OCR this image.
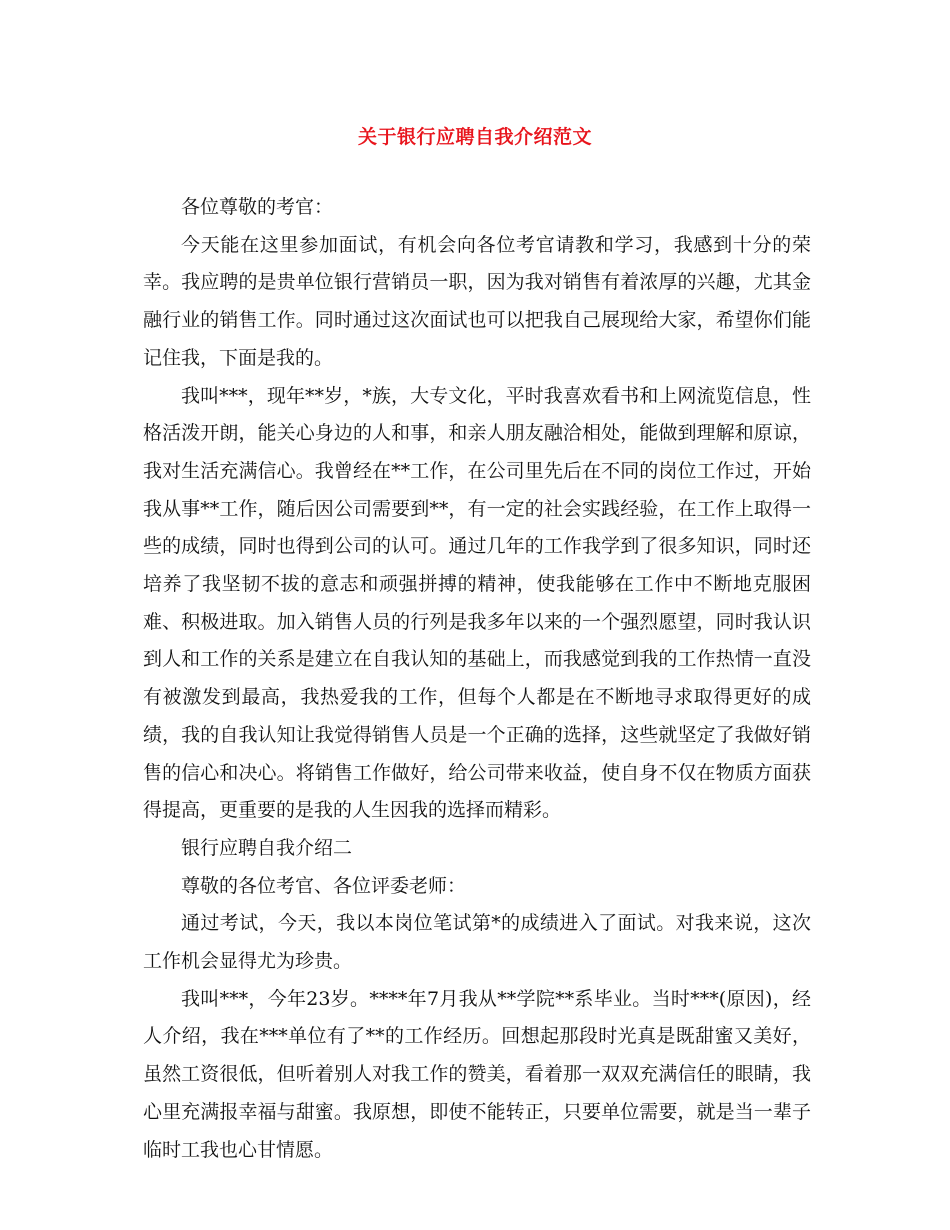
关于银行应聘自我介绍范文

各位尊敬的考官：

今天能在这里参加面试，有机会向各位考官请教和学习，我感到十分的荣幸。我应聘的是贵单位银行营销员一职，因为我对销售有着浓厚的兴趣，尤其金融行业的销售工作。同时通过这次面试也可以把我自己展现给大家，希望你们能记住我，下面是我的。

我叫***，现年**岁，*族，大专文化，平时我喜欢看书和上网流览信息，性格活泼开朗，能关心身边的人和事，和亲人朋友融洽相处，能做到理解和原谅，我对生活充满信心。我曾经在**工作，在公司里先后在不同的岗位工作过，开始我从事**工作，随后因公司需要到**，有一定的社会实践经验，在工作上取得一些的成绩，同时也得到公司的认可。通过几年的工作我学到了很多知识，同时还培养了我坚韧不拔的意志和顽强拼搏的精神，使我能够在工作中不断地克服困难、积极进取。加入销售人员的行列是我多年以来的一个强烈愿望，同时我认识到人和工作的关系是建立在自我认知的基础上，而我感觉到我的工作热情一直没有被激发到最高，我热爱我的工作，但每个人都是在不断地寻求取得更好的成绩，我的自我认知让我觉得销售人员是一个正确的选择，这些就坚定了我做好销售的信心和决心。将销售工作做好，给公司带来收益，使自身不仅在物质方面获得提高，更重要的是我的人生因我的选择而精彩。

银行应聘自我介绍二

尊敬的各位考官、各位评委老师：

通过考试，今天，我以本岗位笔试第*的成绩进入了面试。对我来说，这次工作机会显得尤为珍贵。

我叫***，今年23岁。****年7月我从**学院**系毕业。当时***(原因)，经人介绍，我在***单位有了**的工作经历。回想起那段时光真是既甜蜜又美好，虽然工资很低，但听着别人对我工作的赞美，看着那一双双充满信任的眼睛，我心里充满报幸福与甜蜜。我原想，即使不能转正，只要单位需要，就是当一辈子临时工我也心甘情愿。
